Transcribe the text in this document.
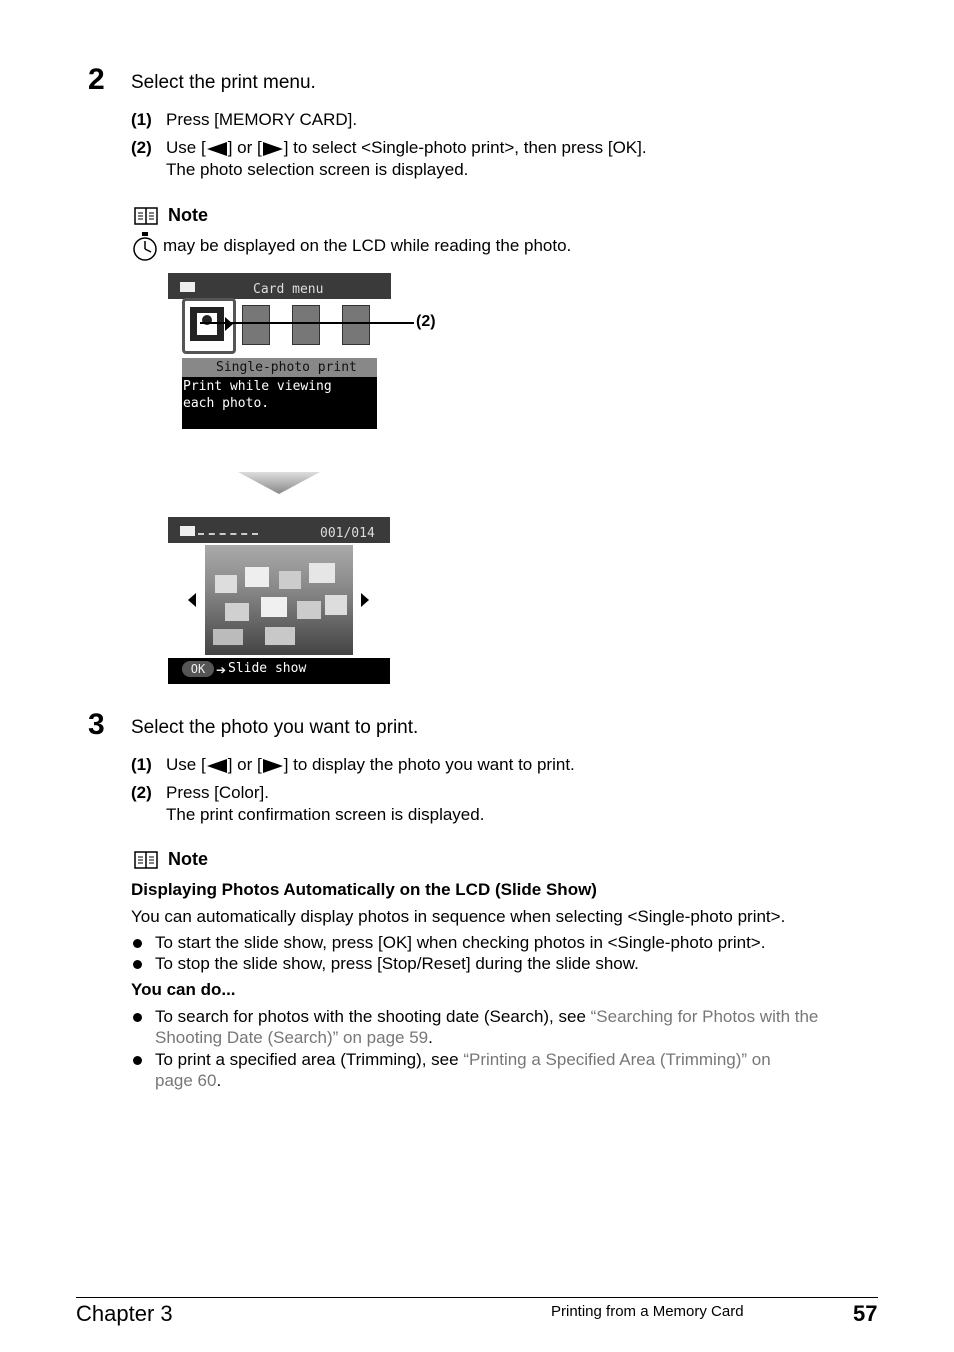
2 Select the print menu.
(1) Press [MEMORY CARD].
(2) Use [ ] or [ ] to select <Single-photo print>, then press [OK].
The photo selection screen is displayed.
Note
may be displayed on the LCD while reading the photo.
Card menu
Single-photo print
Print while viewing
each photo.
(2)
001/014
OK ➔ Slide show
3 Select the photo you want to print.
(1) Use [ ] or [ ] to display the photo you want to print.
(2) Press [Color].
The print confirmation screen is displayed.
Note
Displaying Photos Automatically on the LCD (Slide Show)
You can automatically display photos in sequence when selecting <Single-photo print>.
To start the slide show, press [OK] when checking photos in <Single-photo print>.
To stop the slide show, press [Stop/Reset] during the slide show.
You can do...
To search for photos with the shooting date (Search), see “Searching for Photos with the
Shooting Date (Search)” on page 59.
To print a specified area (Trimming), see “Printing a Specified Area (Trimming)” on
page 60.
Chapter 3	Printing from a Memory Card	57
